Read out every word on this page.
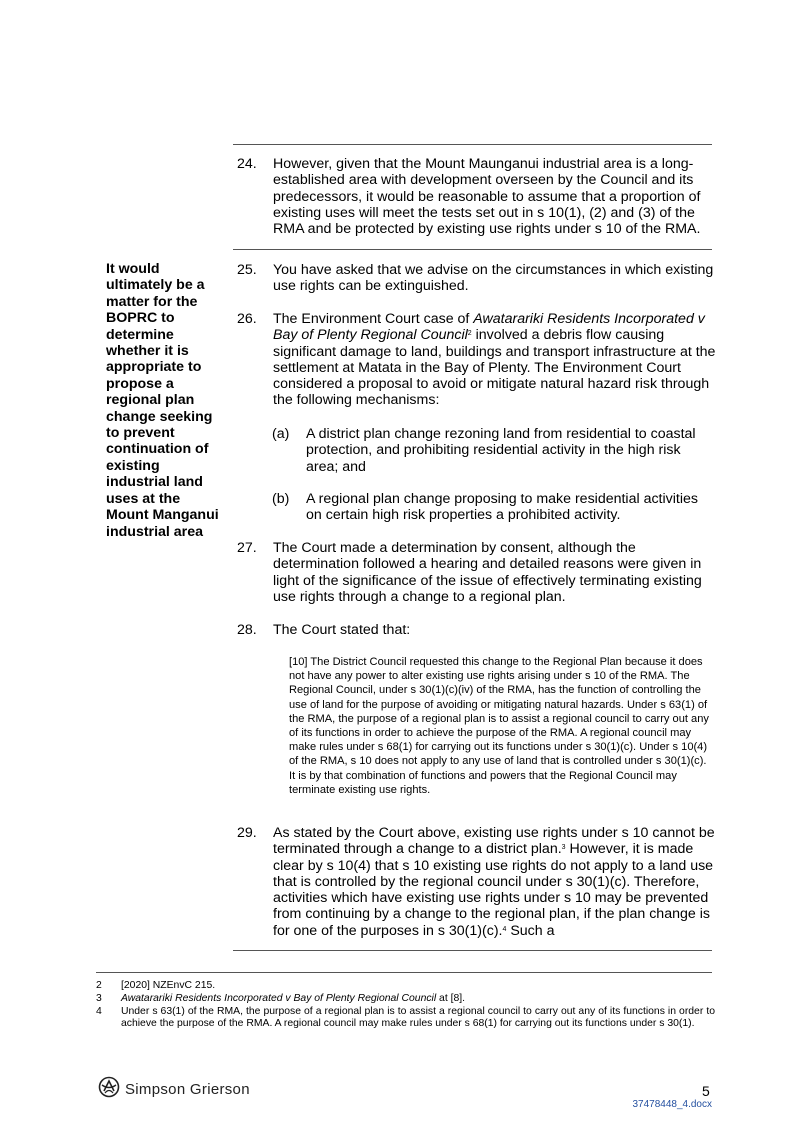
It would ultimately be a matter for the BOPRC to determine whether it is appropriate to propose a regional plan change seeking to prevent continuation of existing industrial land uses at the Mount Manganui industrial area
24. However, given that the Mount Maunganui industrial area is a long-established area with development overseen by the Council and its predecessors, it would be reasonable to assume that a proportion of existing uses will meet the tests set out in s 10(1), (2) and (3) of the RMA and be protected by existing use rights under s 10 of the RMA.
25. You have asked that we advise on the circumstances in which existing use rights can be extinguished.
26. The Environment Court case of Awatarariki Residents Incorporated v Bay of Plenty Regional Council$^2$ involved a debris flow causing significant damage to land, buildings and transport infrastructure at the settlement at Matata in the Bay of Plenty. The Environment Court considered a proposal to avoid or mitigate natural hazard risk through the following mechanisms:
(a) A district plan change rezoning land from residential to coastal protection, and prohibiting residential activity in the high risk area; and
(b) A regional plan change proposing to make residential activities on certain high risk properties a prohibited activity.
27. The Court made a determination by consent, although the determination followed a hearing and detailed reasons were given in light of the significance of the issue of effectively terminating existing use rights through a change to a regional plan.
28. The Court stated that:
[10] The District Council requested this change to the Regional Plan because it does not have any power to alter existing use rights arising under s 10 of the RMA. The Regional Council, under s 30(1)(c)(iv) of the RMA, has the function of controlling the use of land for the purpose of avoiding or mitigating natural hazards. Under s 63(1) of the RMA, the purpose of a regional plan is to assist a regional council to carry out any of its functions in order to achieve the purpose of the RMA. A regional council may make rules under s 68(1) for carrying out its functions under s 30(1)(c). Under s 10(4) of the RMA, s 10 does not apply to any use of land that is controlled under s 30(1)(c). It is by that combination of functions and powers that the Regional Council may terminate existing use rights.
29. As stated by the Court above, existing use rights under s 10 cannot be terminated through a change to a district plan.$^3$ However, it is made clear by s 10(4) that s 10 existing use rights do not apply to a land use that is controlled by the regional council under s 30(1)(c). Therefore, activities which have existing use rights under s 10 may be prevented from continuing by a change to the regional plan, if the plan change is for one of the purposes in s 30(1)(c).$^4$ Such a
2 [2020] NZEnvC 215.
3 Awatarariki Residents Incorporated v Bay of Plenty Regional Council at [8].
4 Under s 63(1) of the RMA, the purpose of a regional plan is to assist a regional council to carry out any of its functions in order to achieve the purpose of the RMA. A regional council may make rules under s 68(1) for carrying out its functions under s 30(1).
Simpson Grierson	5
37478448_4.docx
